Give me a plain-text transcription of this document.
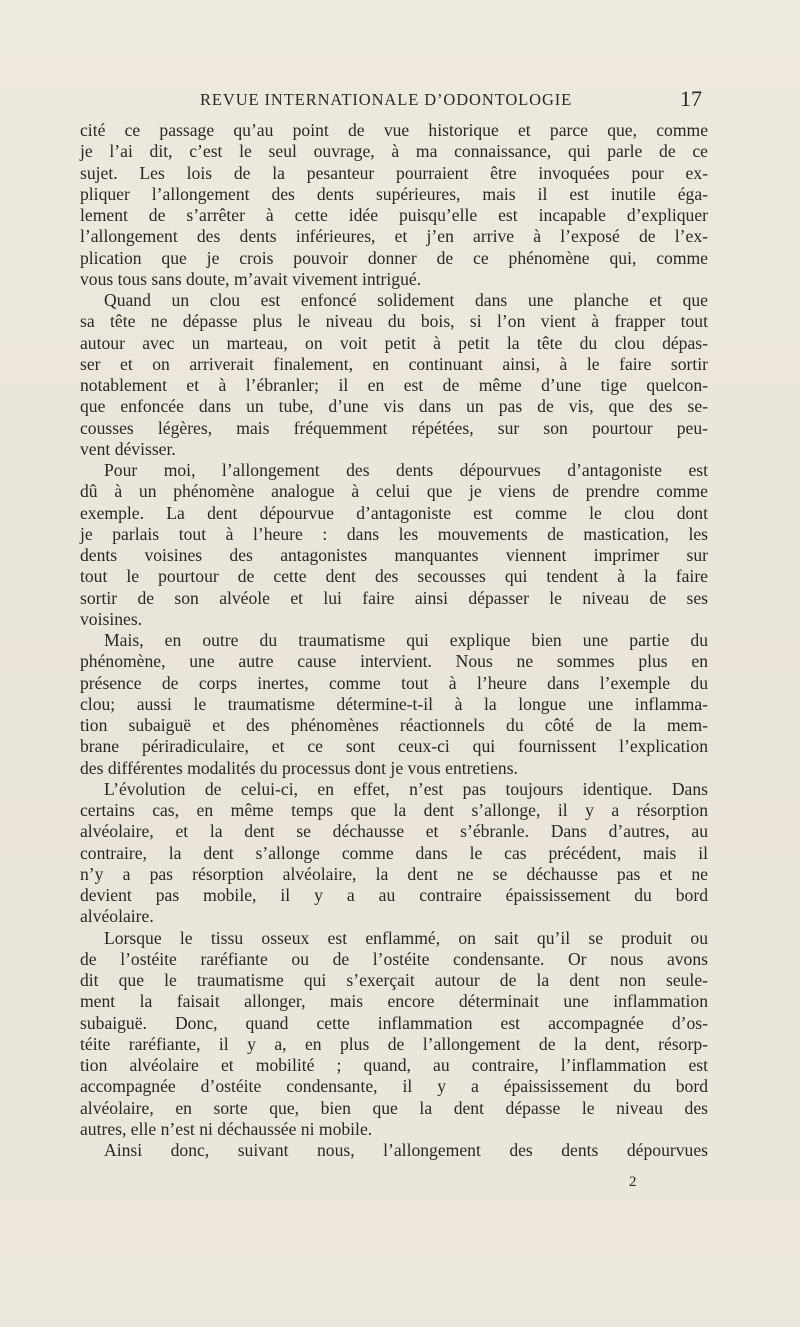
REVUE INTERNATIONALE D’ODONTOLOGIE	17
cité ce passage qu’au point de vue historique et parce que, comme
je l’ai dit, c’est le seul ouvrage, à ma connaissance, qui parle de ce
sujet. Les lois de la pesanteur pourraient être invoquées pour ex-
pliquer l’allongement des dents supérieures, mais il est inutile éga-
lement de s’arrêter à cette idée puisqu’elle est incapable d’expliquer
l’allongement des dents inférieures, et j’en arrive à l’exposé de l’ex-
plication que je crois pouvoir donner de ce phénomène qui, comme
vous tous sans doute, m’avait vivement intrigué.
Quand un clou est enfoncé solidement dans une planche et que
sa tête ne dépasse plus le niveau du bois, si l’on vient à frapper tout
autour avec un marteau, on voit petit à petit la tête du clou dépas-
ser et on arriverait finalement, en continuant ainsi, à le faire sortir
notablement et à l’ébranler; il en est de même d’une tige quelcon-
que enfoncée dans un tube, d’une vis dans un pas de vis, que des se-
cousses légères, mais fréquemment répétées, sur son pourtour peu-
vent dévisser.
Pour moi, l’allongement des dents dépourvues d’antagoniste est
dû à un phénomène analogue à celui que je viens de prendre comme
exemple. La dent dépourvue d’antagoniste est comme le clou dont
je parlais tout à l’heure : dans les mouvements de mastication, les
dents voisines des antagonistes manquantes viennent imprimer sur
tout le pourtour de cette dent des secousses qui tendent à la faire
sortir de son alvéole et lui faire ainsi dépasser le niveau de ses
voisines.
Mais, en outre du traumatisme qui explique bien une partie du
phénomène, une autre cause intervient. Nous ne sommes plus en
présence de corps inertes, comme tout à l’heure dans l’exemple du
clou; aussi le traumatisme détermine-t-il à la longue une inflamma-
tion subaiguë et des phénomènes réactionnels du côté de la mem-
brane périradiculaire, et ce sont ceux-ci qui fournissent l’explication
des différentes modalités du processus dont je vous entretiens.
L’évolution de celui-ci, en effet, n’est pas toujours identique. Dans
certains cas, en même temps que la dent s’allonge, il y a résorption
alvéolaire, et la dent se déchausse et s’ébranle. Dans d’autres, au
contraire, la dent s’allonge comme dans le cas précédent, mais il
n’y a pas résorption alvéolaire, la dent ne se déchausse pas et ne
devient pas mobile, il y a au contraire épaississement du bord
alvéolaire.
Lorsque le tissu osseux est enflammé, on sait qu’il se produit ou
de l’ostéite raréfiante ou de l’ostéite condensante. Or nous avons
dit que le traumatisme qui s’exerçait autour de la dent non seule-
ment la faisait allonger, mais encore déterminait une inflammation
subaiguë. Donc, quand cette inflammation est accompagnée d’os-
téite raréfiante, il y a, en plus de l’allongement de la dent, résorp-
tion alvéolaire et mobilité ; quand, au contraire, l’inflammation est
accompagnée d’ostéite condensante, il y a épaississement du bord
alvéolaire, en sorte que, bien que la dent dépasse le niveau des
autres, elle n’est ni déchaussée ni mobile.
Ainsi donc, suivant nous, l’allongement des dents dépourvues
2
